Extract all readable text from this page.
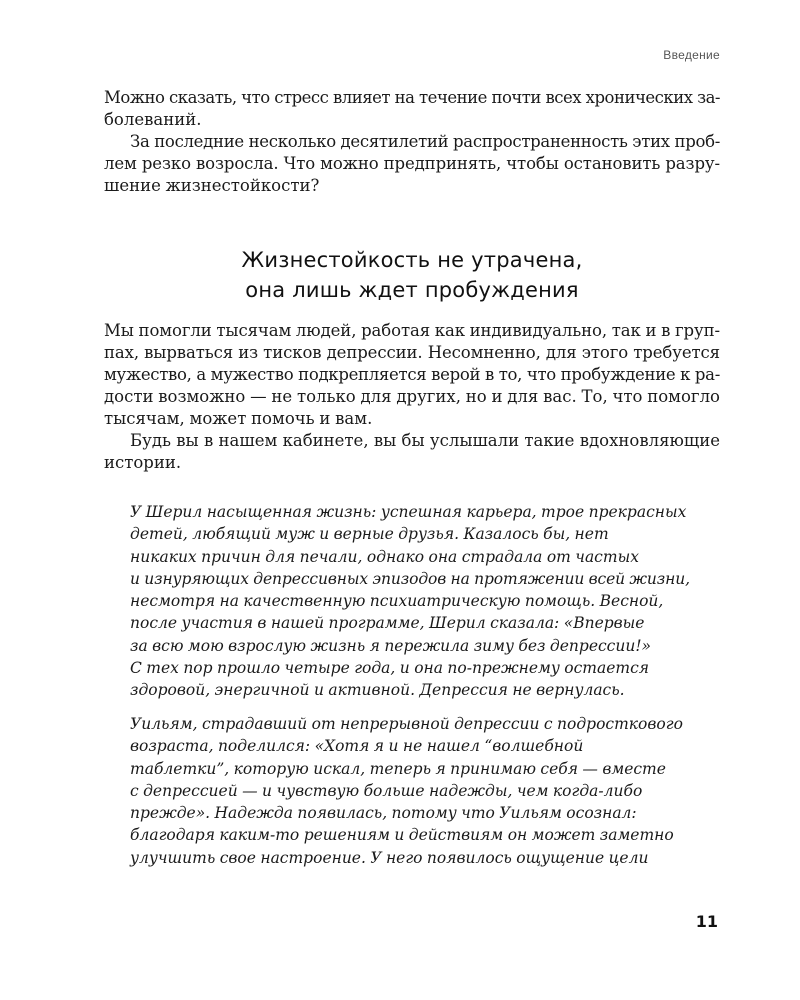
Введение
Можно сказать, что стресс влияет на течение почти всех хронических за-
болеваний.
За последние несколько десятилетий распространенность этих проб-
лем резко возросла. Что можно предпринять, чтобы остановить разру-
шение жизнестойкости?
Жизнестойкость не утрачена,
она лишь ждет пробуждения
Мы помогли тысячам людей, работая как индивидуально, так и в груп-
пах, вырваться из тисков депрессии. Несомненно, для этого требуется
мужество, а мужество подкрепляется верой в то, что пробуждение к ра-
дости возможно — не только для других, но и для вас. То, что помогло
тысячам, может помочь и вам.
Будь вы в нашем кабинете, вы бы услышали такие вдохновляющие
истории.
У Шерил насыщенная жизнь: успешная карьера, трое прекрасных
детей, любящий муж и верные друзья. Казалось бы, нет
никаких причин для печали, однако она страдала от частых
и изнуряющих депрессивных эпизодов на протяжении всей жизни,
несмотря на качественную психиатрическую помощь. Весной,
после участия в нашей программе, Шерил сказала: «Впервые
за всю мою взрослую жизнь я пережила зиму без депрессии!»
С тех пор прошло четыре года, и она по-прежнему остается
здоровой, энергичной и активной. Депрессия не вернулась.
Уильям, страдавший от непрерывной депрессии с подросткового
возраста, поделился: «Хотя я и не нашел “волшебной
таблетки”, которую искал, теперь я принимаю себя — вместе
с депрессией — и чувствую больше надежды, чем когда-либо
прежде». Надежда появилась, потому что Уильям осознал:
благодаря каким-то решениям и действиям он может заметно
улучшить свое настроение. У него появилось ощущение цели
11
